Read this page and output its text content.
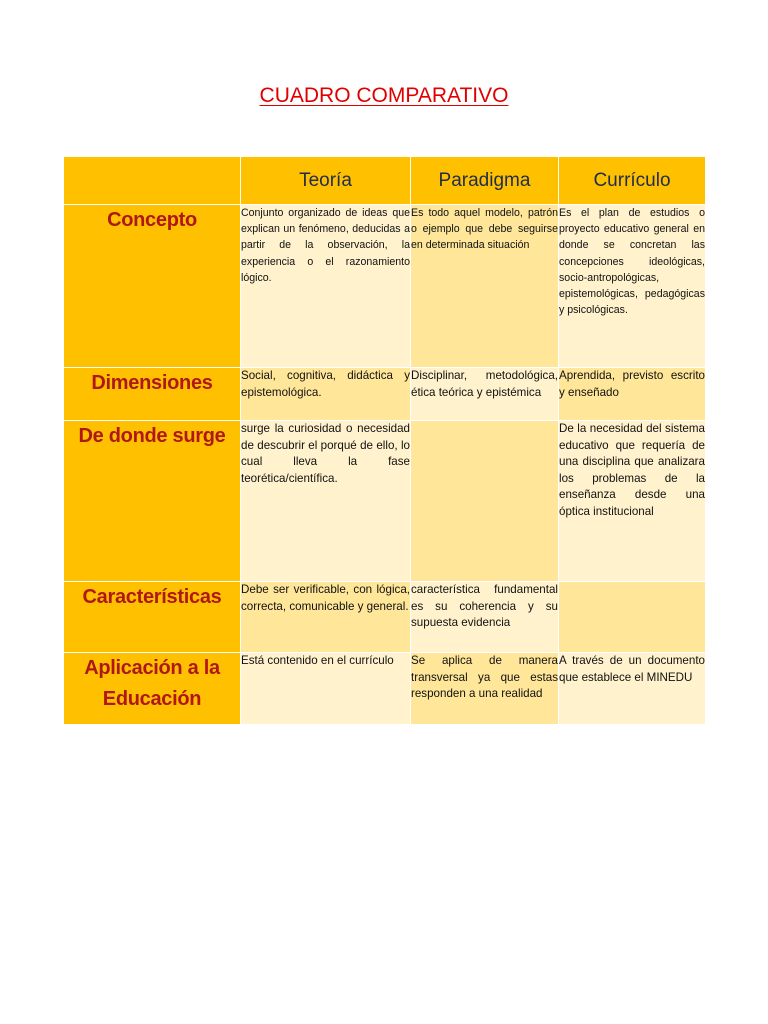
CUADRO COMPARATIVO
	Teoría	Paradigma	Currículo
Concepto	Conjunto organizado de ideas que explican un fenómeno, deducidas a partir de la observación, la experiencia o el razonamiento lógico.	Es todo aquel modelo, patrón o ejemplo que debe seguirse en determinada situación	Es el plan de estudios o proyecto educativo general en donde se concretan las concepciones ideológicas, socio-antropológicas, epistemológicas, pedagógicas y psicológicas.
Dimensiones	Social, cognitiva, didáctica y epistemológica.	Disciplinar, metodológica, ética teórica y epistémica	Aprendida, previsto escrito y enseñado
De donde surge	surge la curiosidad o necesidad de descubrir el porqué de ello, lo cual lleva la fase teorética/científica.		De la necesidad del sistema educativo que requería de una disciplina que analizara los problemas de la enseñanza desde una óptica institucional
Características	Debe ser verificable, con lógica, correcta, comunicable y general.	característica fundamental es su coherencia y su supuesta evidencia	
Aplicación a la Educación	Está contenido en el currículo	Se aplica de manera transversal ya que estas responden a una realidad	A través de un documento que establece el MINEDU
